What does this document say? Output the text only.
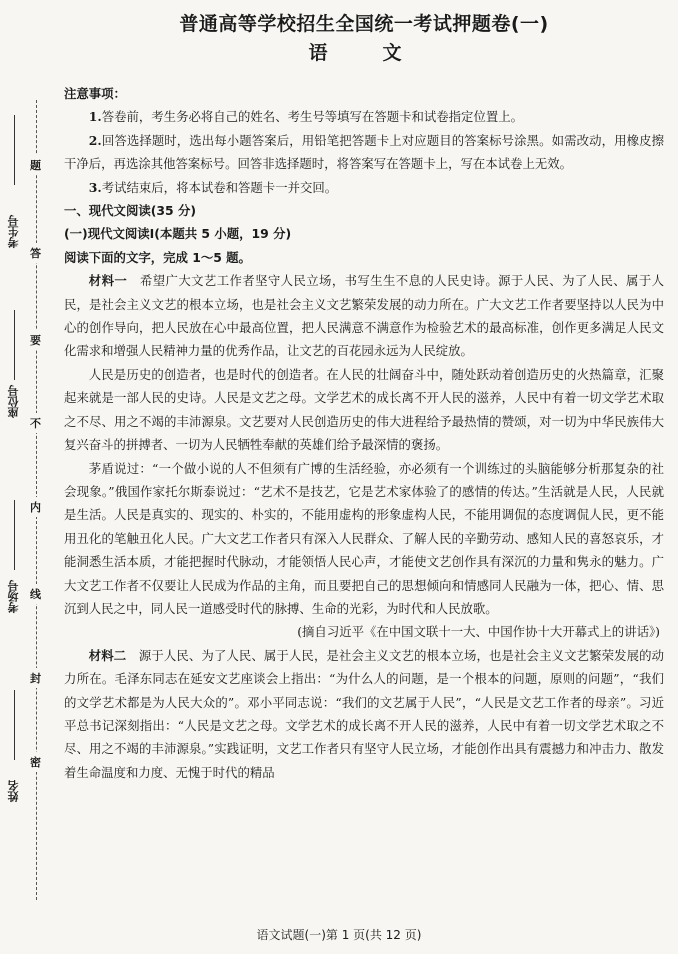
考生号
座位号
考场号
姓名
题
答
要
不
内
线
封
密
普通高等学校招生全国统一考试押题卷(一)
语　文

注意事项：

1.答卷前，考生务必将自己的姓名、考生号等填写在答题卡和试卷指定位置上。

2.回答选择题时，选出每小题答案后，用铅笔把答题卡上对应题目的答案标号涂黑。如需改动，用橡皮擦干净后，再选涂其他答案标号。回答非选择题时，将答案写在答题卡上，写在本试卷上无效。

3.考试结束后，将本试卷和答题卡一并交回。

一、现代文阅读(35 分)

(一)现代文阅读Ⅰ(本题共 5 小题，19 分)

阅读下面的文字，完成 1～5 题。

材料一　 希望广大文艺工作者坚守人民立场，书写生生不息的人民史诗。源于人民、为了人民、属于人民，是社会主义文艺的根本立场，也是社会主义文艺繁荣发展的动力所在。广大文艺工作者要坚持以人民为中心的创作导向，把人民放在心中最高位置，把人民满意不满意作为检验艺术的最高标准，创作更多满足人民文化需求和增强人民精神力量的优秀作品，让文艺的百花园永远为人民绽放。

人民是历史的创造者，也是时代的创造者。在人民的壮阔奋斗中，随处跃动着创造历史的火热篇章，汇聚起来就是一部人民的史诗。人民是文艺之母。文学艺术的成长离不开人民的滋养，人民中有着一切文学艺术取之不尽、用之不竭的丰沛源泉。文艺要对人民创造历史的伟大进程给予最热情的赞颂，对一切为中华民族伟大复兴奋斗的拼搏者、一切为人民牺牲奉献的英雄们给予最深情的褒扬。

茅盾说过：“一个做小说的人不但须有广博的生活经验，亦必须有一个训练过的头脑能够分析那复杂的社会现象。”俄国作家托尔斯泰说过：“艺术不是技艺，它是艺术家体验了的感情的传达。”生活就是人民，人民就是生活。人民是真实的、现实的、朴实的，不能用虚构的形象虚构人民，不能用调侃的态度调侃人民，更不能用丑化的笔触丑化人民。广大文艺工作者只有深入人民群众、了解人民的辛勤劳动、感知人民的喜怒哀乐，才能洞悉生活本质，才能把握时代脉动，才能领悟人民心声，才能使文艺创作具有深沉的力量和隽永的魅力。广大文艺工作者不仅要让人民成为作品的主角，而且要把自己的思想倾向和情感同人民融为一体，把心、情、思沉到人民之中，同人民一道感受时代的脉搏、生命的光彩，为时代和人民放歌。

(摘自习近平《在中国文联十一大、中国作协十大开幕式上的讲话》)

材料二　 源于人民、为了人民、属于人民，是社会主义文艺的根本立场，也是社会主义文艺繁荣发展的动力所在。毛泽东同志在延安文艺座谈会上指出：“为什么人的问题，是一个根本的问题，原则的问题”，“我们的文学艺术都是为人民大众的”。邓小平同志说：“我们的文艺属于人民”，“人民是文艺工作者的母亲”。习近平总书记深刻指出：“人民是文艺之母。文学艺术的成长离不开人民的滋养，人民中有着一切文学艺术取之不尽、用之不竭的丰沛源泉。”实践证明，文艺工作者只有坚守人民立场，才能创作出具有震撼力和冲击力、散发着生命温度和力度、无愧于时代的精品

语文试题(一)第 1 页(共 12 页)
